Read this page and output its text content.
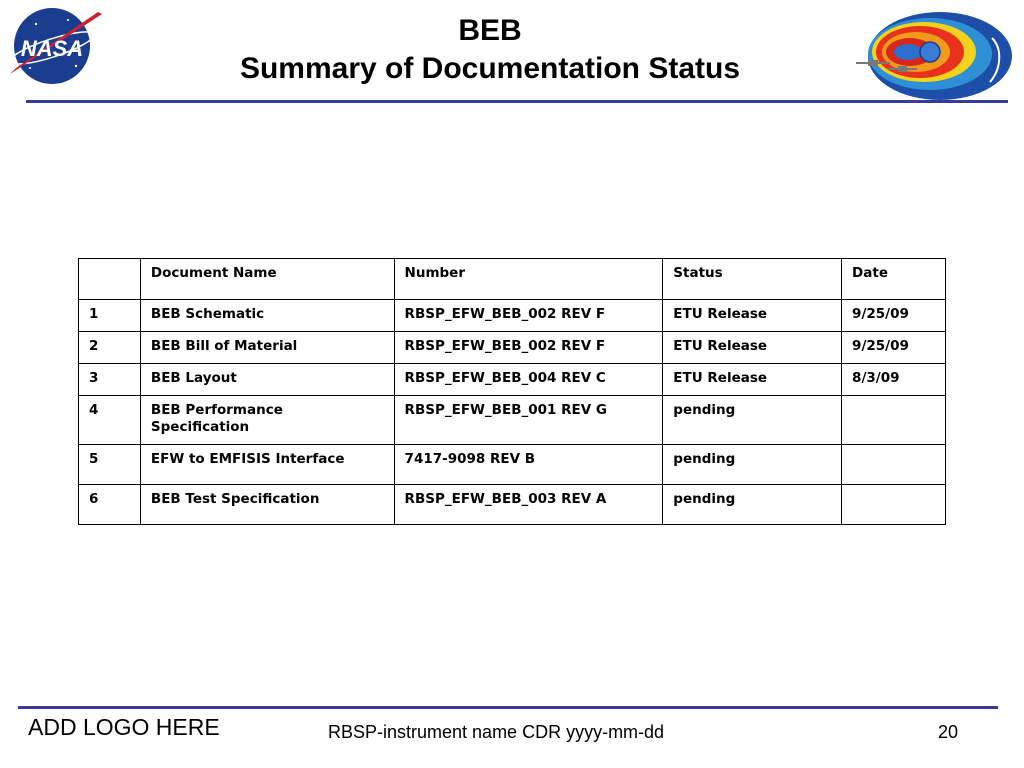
NASA
BEB
Summary of Documentation Status
	Document Name	Number	Status	Date
1	BEB Schematic	RBSP_EFW_BEB_002 REV F	ETU Release	9/25/09
2	BEB Bill of Material	RBSP_EFW_BEB_002 REV F	ETU Release	9/25/09
3	BEB Layout	RBSP_EFW_BEB_004 REV C	ETU Release	8/3/09
4	BEB Performance Specification	RBSP_EFW_BEB_001 REV G	pending	
5	EFW to EMFISIS Interface	7417-9098 REV B	pending	
6	BEB Test Specification	RBSP_EFW_BEB_003 REV A	pending	
ADD LOGO HERE	RBSP-instrument name CDR yyyy-mm-dd	20
